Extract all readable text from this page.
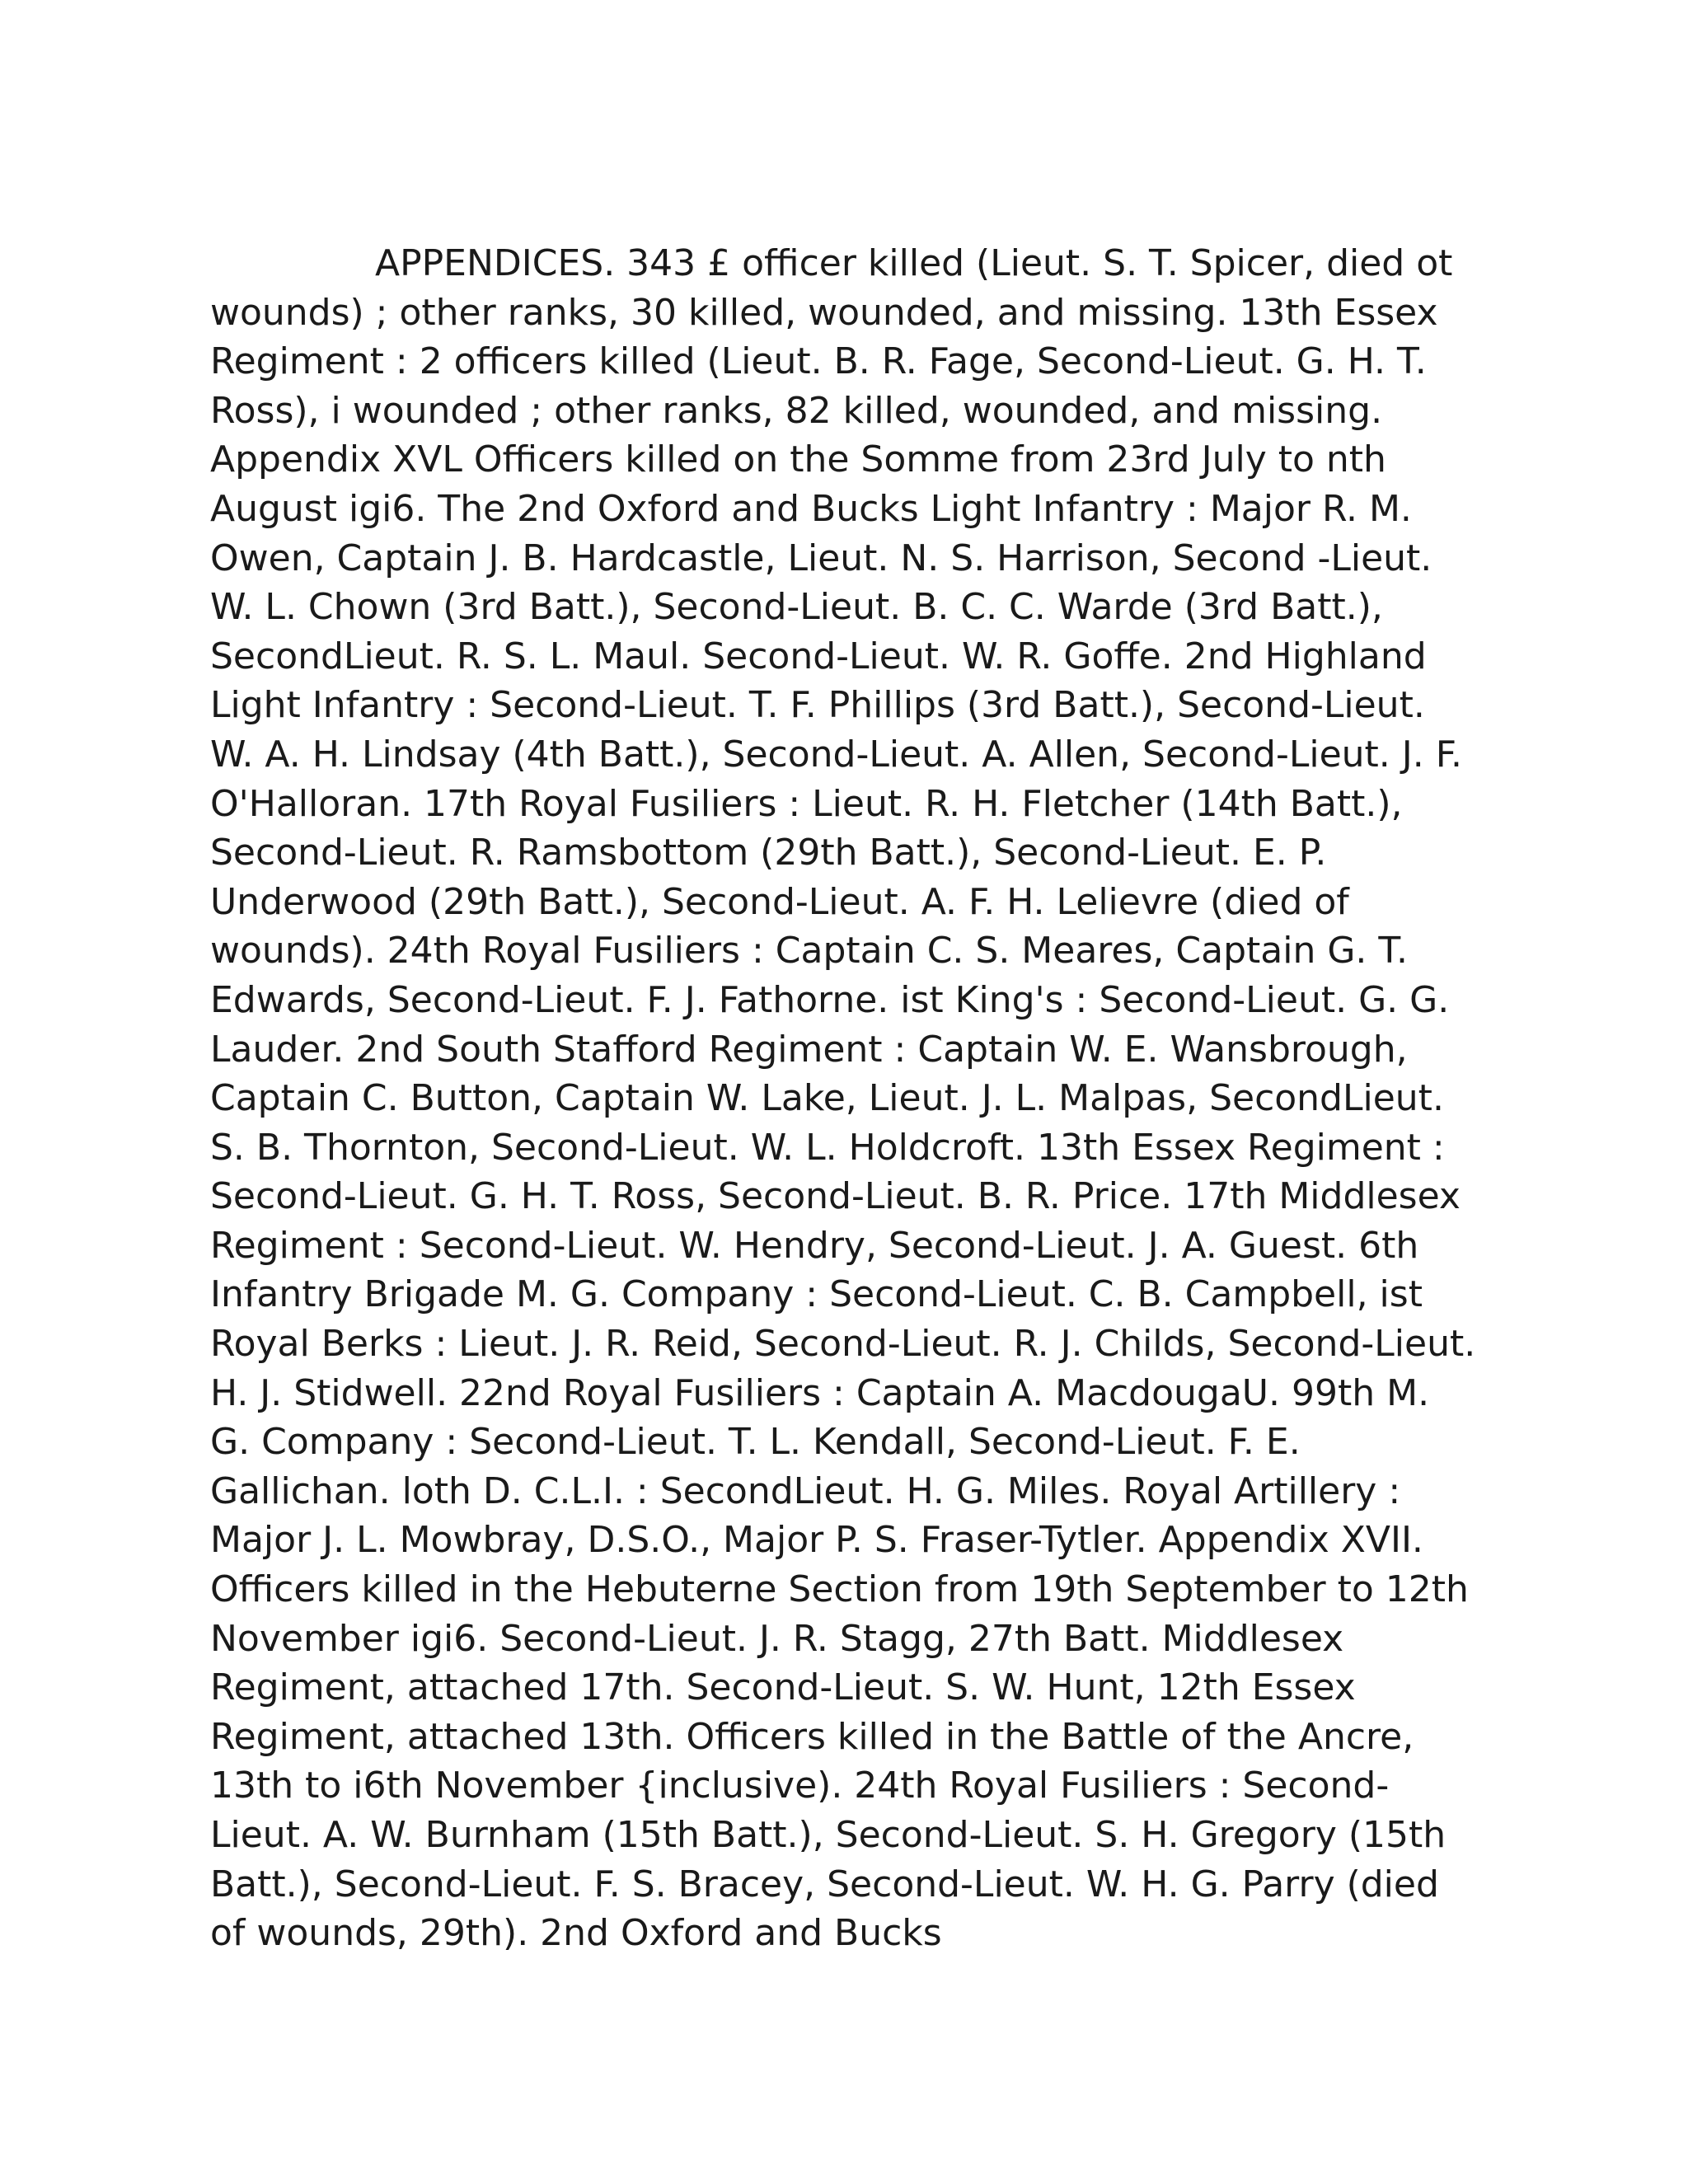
APPENDICES. 343 £ officer killed (Lieut. S. T. Spicer, died ot wounds) ; other ranks, 30 killed, wounded, and missing. 13th Essex Regiment : 2 officers killed (Lieut. B. R. Fage, Second-Lieut. G. H. T. Ross), i wounded ; other ranks, 82 killed, wounded, and missing. Appendix XVL Officers killed on the Somme from 23rd July to nth August igi6. The 2nd Oxford and Bucks Light Infantry : Major R. M. Owen, Captain J. B. Hardcastle, Lieut. N. S. Harrison, Second -Lieut. W. L. Chown (3rd Batt.), Second-Lieut. B. C. C. Warde (3rd Batt.), SecondLieut. R. S. L. Maul. Second-Lieut. W. R. Goffe. 2nd Highland Light Infantry : Second-Lieut. T. F. Phillips (3rd Batt.), Second-Lieut. W. A. H. Lindsay (4th Batt.), Second-Lieut. A. Allen, Second-Lieut. J. F. O'Halloran. 17th Royal Fusiliers : Lieut. R. H. Fletcher (14th Batt.), Second-Lieut. R. Ramsbottom (29th Batt.), Second-Lieut. E. P. Underwood (29th Batt.), Second-Lieut. A. F. H. Lelievre (died of wounds). 24th Royal Fusiliers : Captain C. S. Meares, Captain G. T. Edwards, Second-Lieut. F. J. Fathorne. ist King's : Second-Lieut. G. G. Lauder. 2nd South Stafford Regiment : Captain W. E. Wansbrough, Captain C. Button, Captain W. Lake, Lieut. J. L. Malpas, SecondLieut. S. B. Thornton, Second-Lieut. W. L. Holdcroft. 13th Essex Regiment : Second-Lieut. G. H. T. Ross, Second-Lieut. B. R. Price. 17th Middlesex Regiment : Second-Lieut. W. Hendry, Second-Lieut. J. A. Guest. 6th Infantry Brigade M. G. Company : Second-Lieut. C. B. Campbell, ist Royal Berks : Lieut. J. R. Reid, Second-Lieut. R. J. Childs, Second-Lieut. H. J. Stidwell. 22nd Royal Fusiliers : Captain A. MacdougaU. 99th M. G. Company : Second-Lieut. T. L. Kendall, Second-Lieut. F. E. Gallichan. loth D. C.L.I. : SecondLieut. H. G. Miles. Royal Artillery : Major J. L. Mowbray, D.S.O., Major P. S. Fraser-Tytler. Appendix XVII. Officers killed in the Hebuterne Section from 19th September to 12th November igi6. Second-Lieut. J. R. Stagg, 27th Batt. Middlesex Regiment, attached 17th. Second-Lieut. S. W. Hunt, 12th Essex Regiment, attached 13th. Officers killed in the Battle of the Ancre, 13th to i6th November {inclusive). 24th Royal Fusiliers : Second-Lieut. A. W. Burnham (15th Batt.), Second-Lieut. S. H. Gregory (15th Batt.), Second-Lieut. F. S. Bracey, Second-Lieut. W. H. G. Parry (died of wounds, 29th). 2nd Oxford and Bucks
